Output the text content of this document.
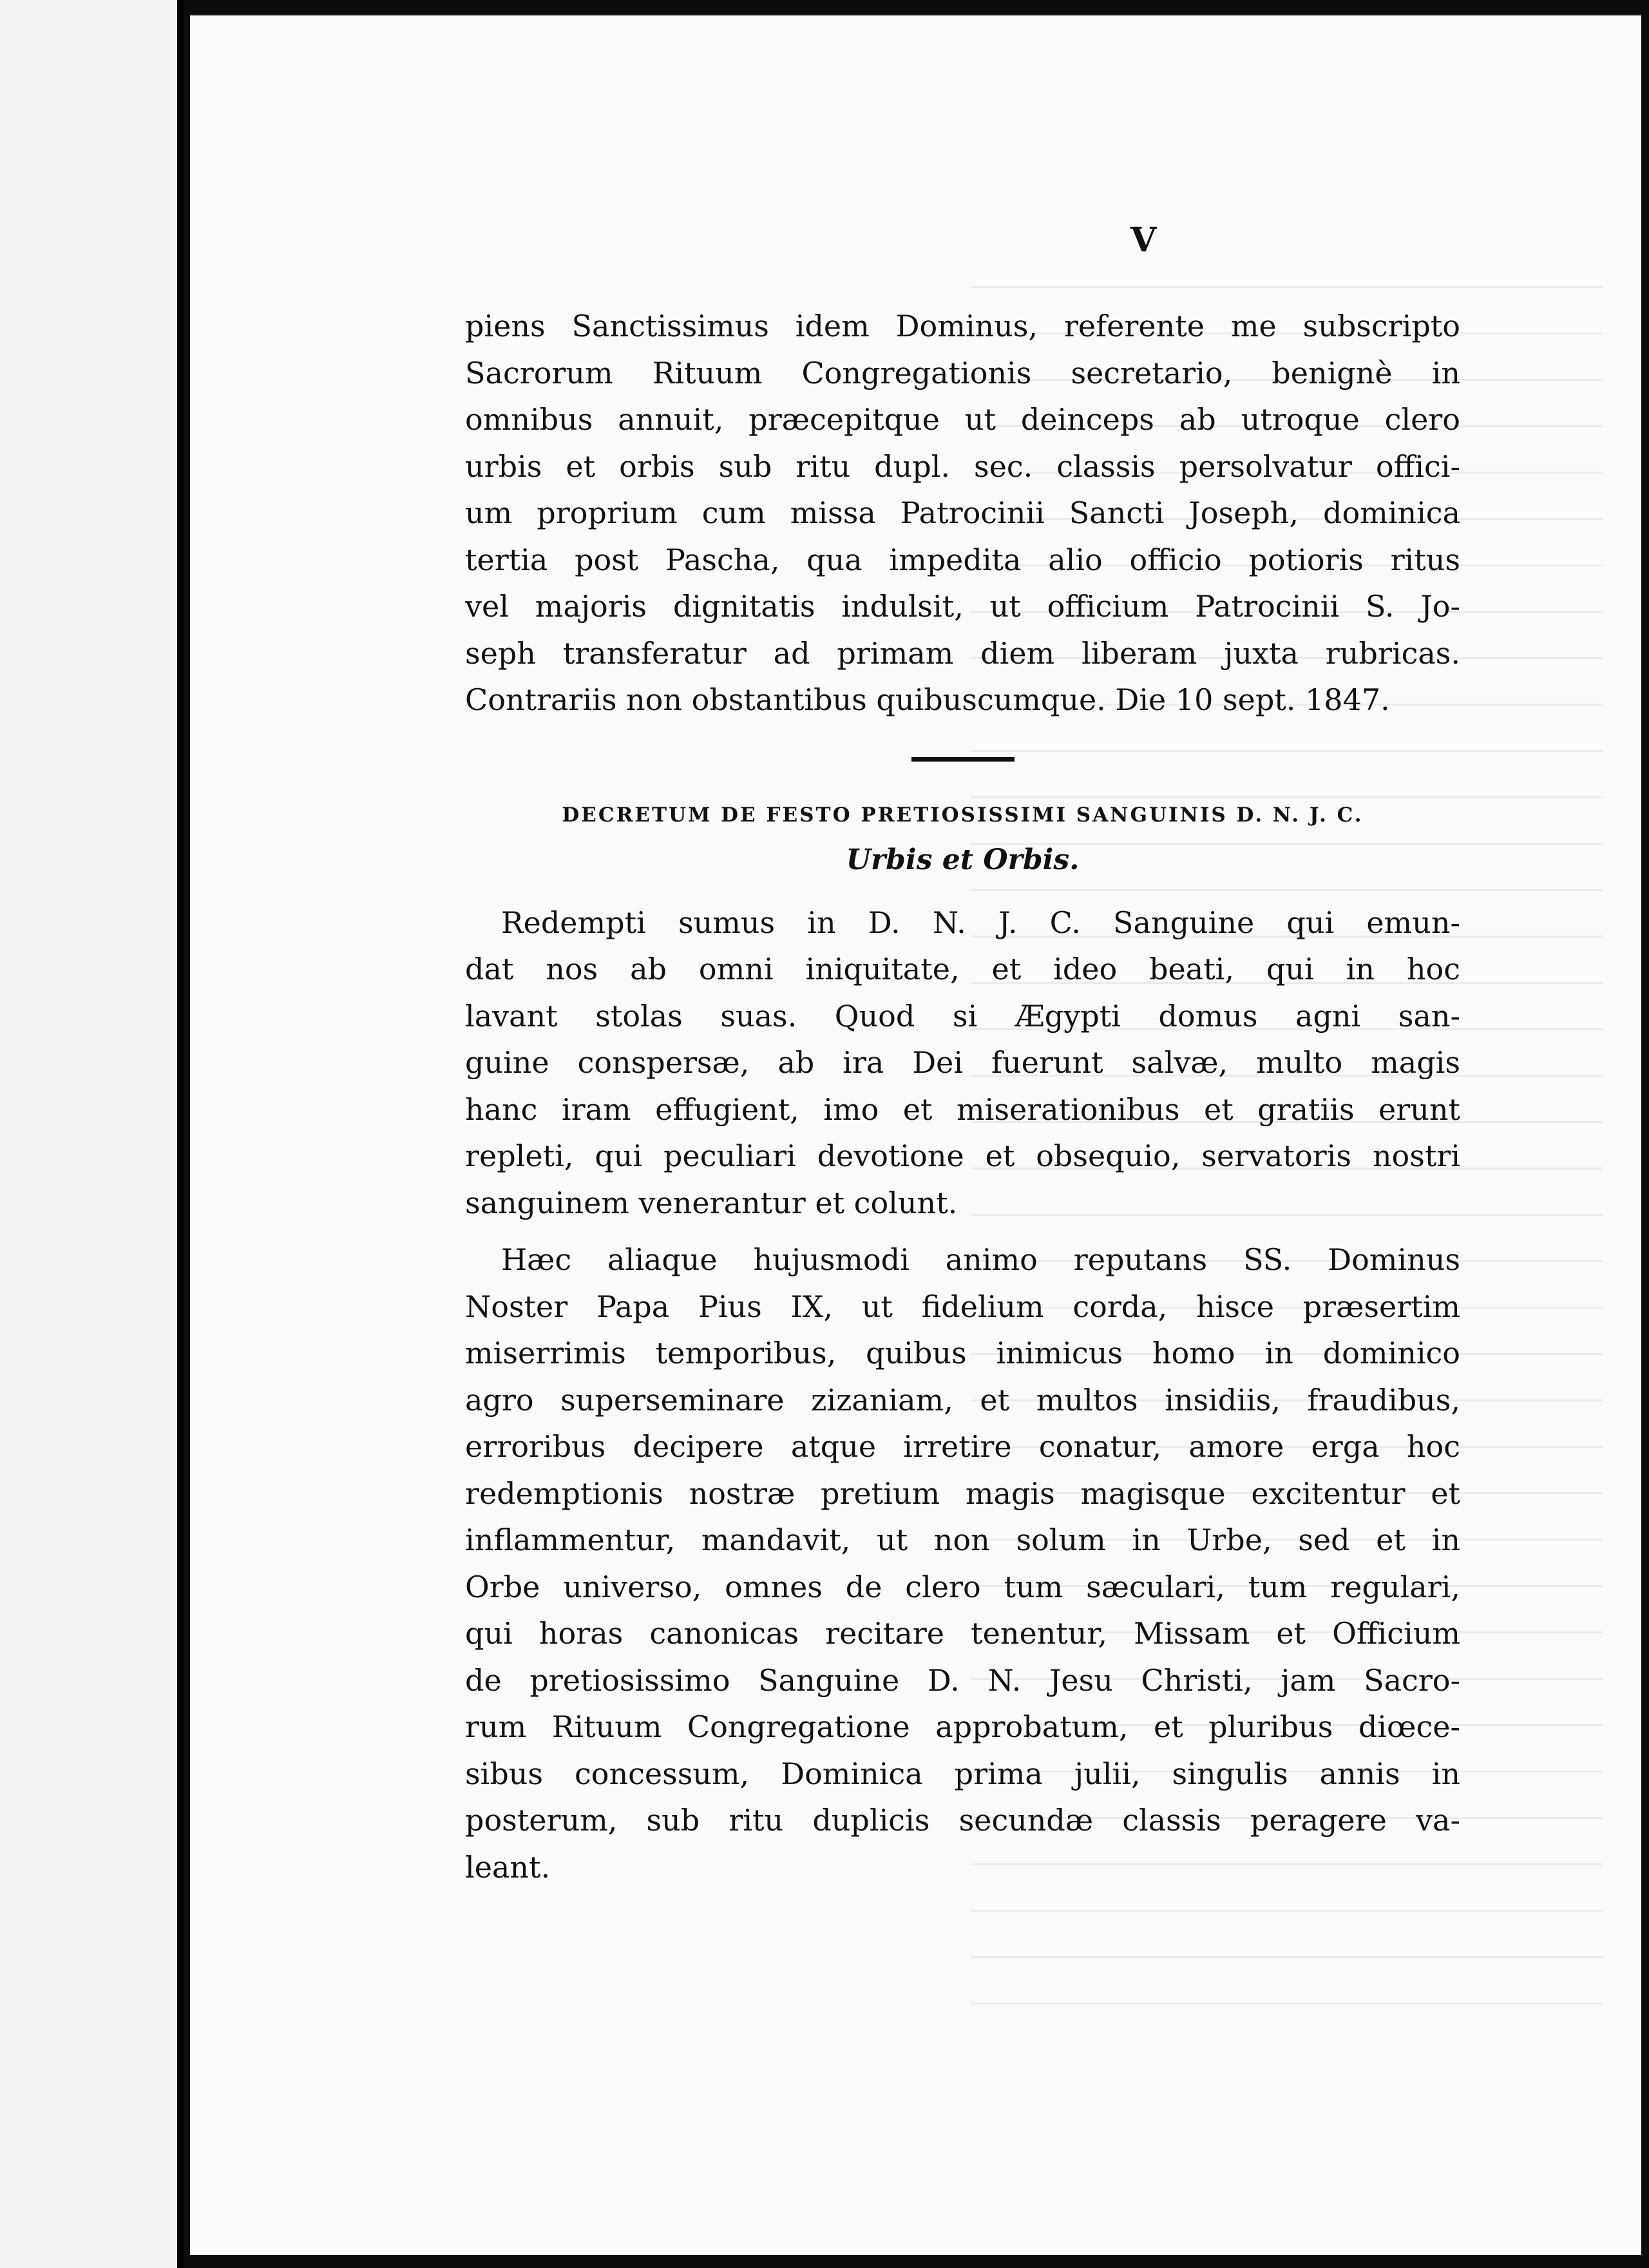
V

piens Sanctissimus idem Dominus, referente me subscripto
Sacrorum Rituum Congregationis secretario, benignè in
omnibus annuit, præcepitque ut deinceps ab utroque clero
urbis et orbis sub ritu dupl. sec. classis persolvatur offici-
um proprium cum missa Patrocinii Sancti Joseph, dominica
tertia post Pascha, qua impedita alio officio potioris ritus
vel majoris dignitatis indulsit, ut officium Patrocinii S. Jo-
seph transferatur ad primam diem liberam juxta rubricas.
Contrariis non obstantibus quibuscumque. Die 10 sept. 1847.

DECRETUM DE FESTO PRETIOSISSIMI SANGUINIS D. N. J. C.

Urbis et Orbis.

Redempti sumus in D. N. J. C. Sanguine qui emun-
dat nos ab omni iniquitate, et ideo beati, qui in hoc
lavant stolas suas. Quod si Ægypti domus agni san-
guine conspersæ, ab ira Dei fuerunt salvæ, multo magis
hanc iram effugient, imo et miserationibus et gratiis erunt
repleti, qui peculiari devotione et obsequio, servatoris nostri
sanguinem venerantur et colunt.
Hæc aliaque hujusmodi animo reputans SS. Dominus
Noster Papa Pius IX, ut fidelium corda, hisce præsertim
miserrimis temporibus, quibus inimicus homo in dominico
agro superseminare zizaniam, et multos insidiis, fraudibus,
erroribus decipere atque irretire conatur, amore erga hoc
redemptionis nostræ pretium magis magisque excitentur et
inflammentur, mandavit, ut non solum in Urbe, sed et in
Orbe universo, omnes de clero tum sæculari, tum regulari,
qui horas canonicas recitare tenentur, Missam et Officium
de pretiosissimo Sanguine D. N. Jesu Christi, jam Sacro-
rum Rituum Congregatione approbatum, et pluribus diœce-
sibus concessum, Dominica prima julii, singulis annis in
posterum, sub ritu duplicis secundæ classis peragere va-
leant.
